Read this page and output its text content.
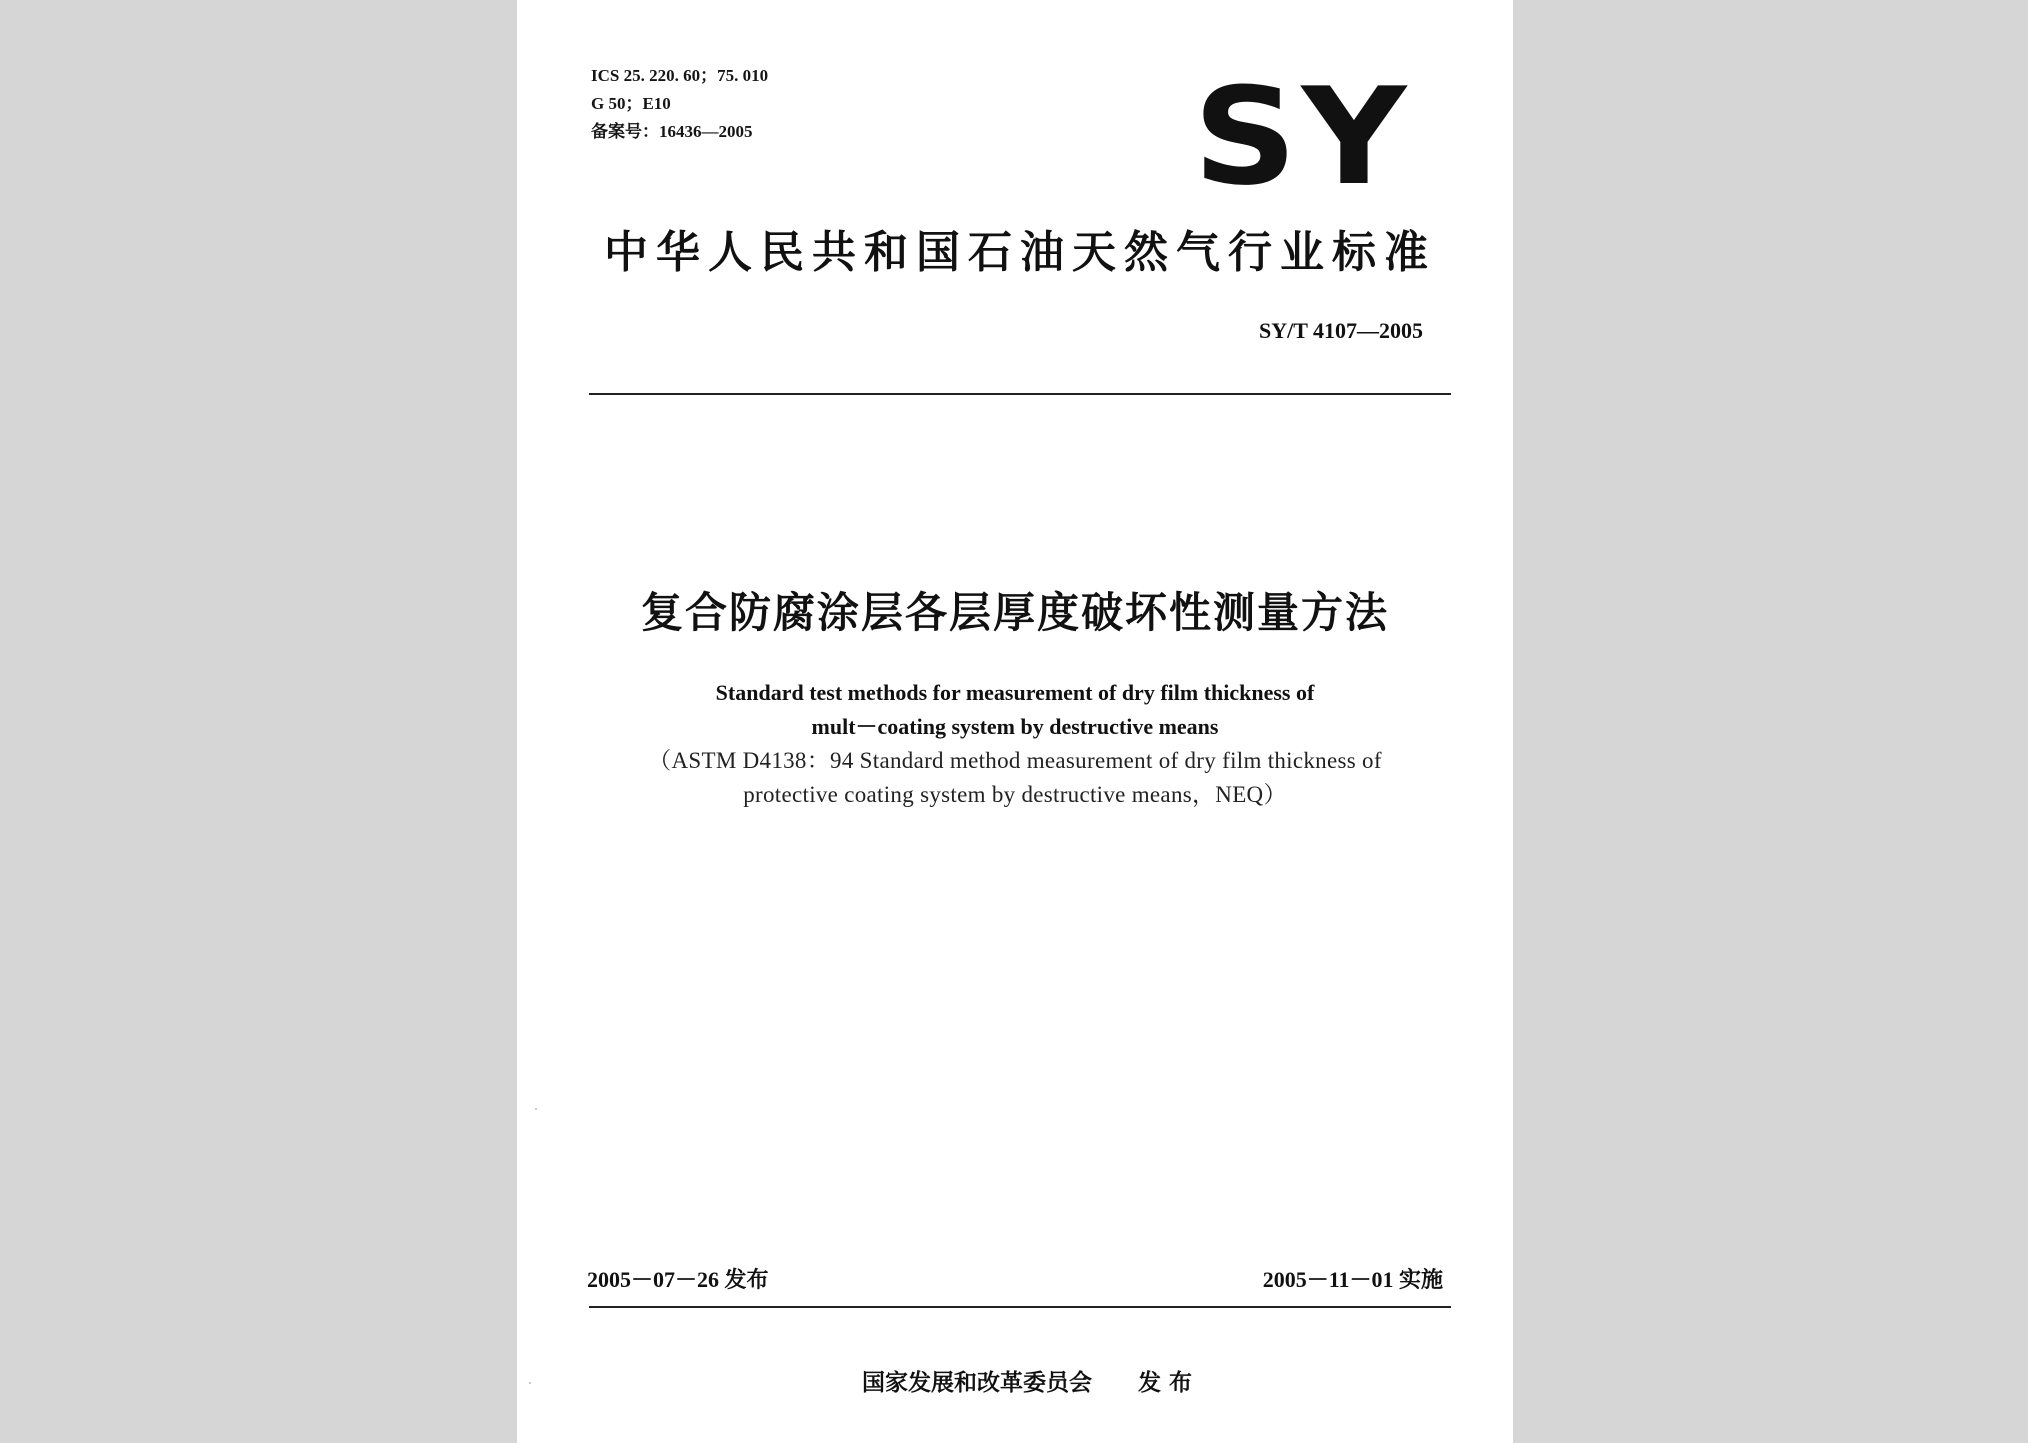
ICS 25. 220. 60；75. 010
G 50；E10
备案号：16436—2005	SY
中华人民共和国石油天然气行业标准
SY/T 4107—2005
复合防腐涂层各层厚度破坏性测量方法
Standard test methods for measurement of dry film thickness of
mult－coating system by destructive means
（ASTM D4138：94 Standard method measurement of dry film thickness of
protective coating system by destructive means，NEQ）
2005－07－26 发布	2005－11－01 实施
国家发展和改革委员会 发 布
